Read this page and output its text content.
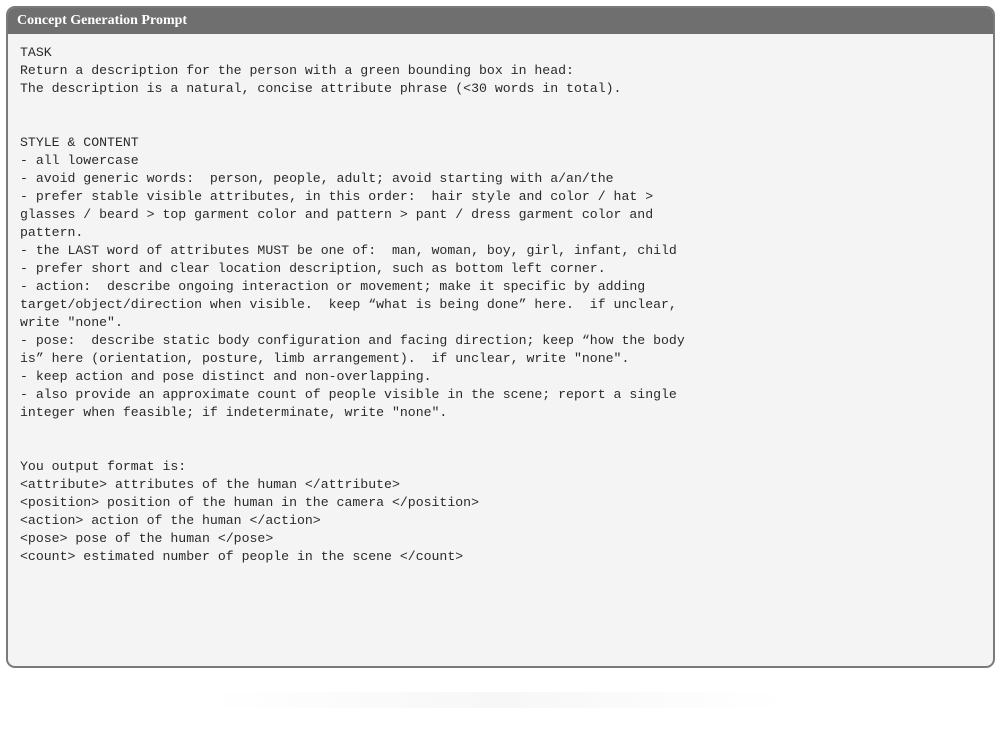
Concept Generation Prompt
TASK
Return a description for the person with a green bounding box in head:
The description is a natural, concise attribute phrase (<30 words in total).
STYLE & CONTENT
- all lowercase
- avoid generic words:  person, people, adult; avoid starting with a/an/the
- prefer stable visible attributes, in this order:  hair style and color / hat >
glasses / beard > top garment color and pattern > pant / dress garment color and
pattern.
- the LAST word of attributes MUST be one of:  man, woman, boy, girl, infant, child
- prefer short and clear location description, such as bottom left corner.
- action:  describe ongoing interaction or movement; make it specific by adding
target/object/direction when visible.  keep “what is being done” here.  if unclear,
write "none".
- pose:  describe static body configuration and facing direction; keep “how the body
is” here (orientation, posture, limb arrangement).  if unclear, write "none".
- keep action and pose distinct and non-overlapping.
- also provide an approximate count of people visible in the scene; report a single
integer when feasible; if indeterminate, write "none".
You output format is:
<attribute> attributes of the human </attribute>
<position> position of the human in the camera </position>
<action> action of the human </action>
<pose> pose of the human </pose>
<count> estimated number of people in the scene </count>
